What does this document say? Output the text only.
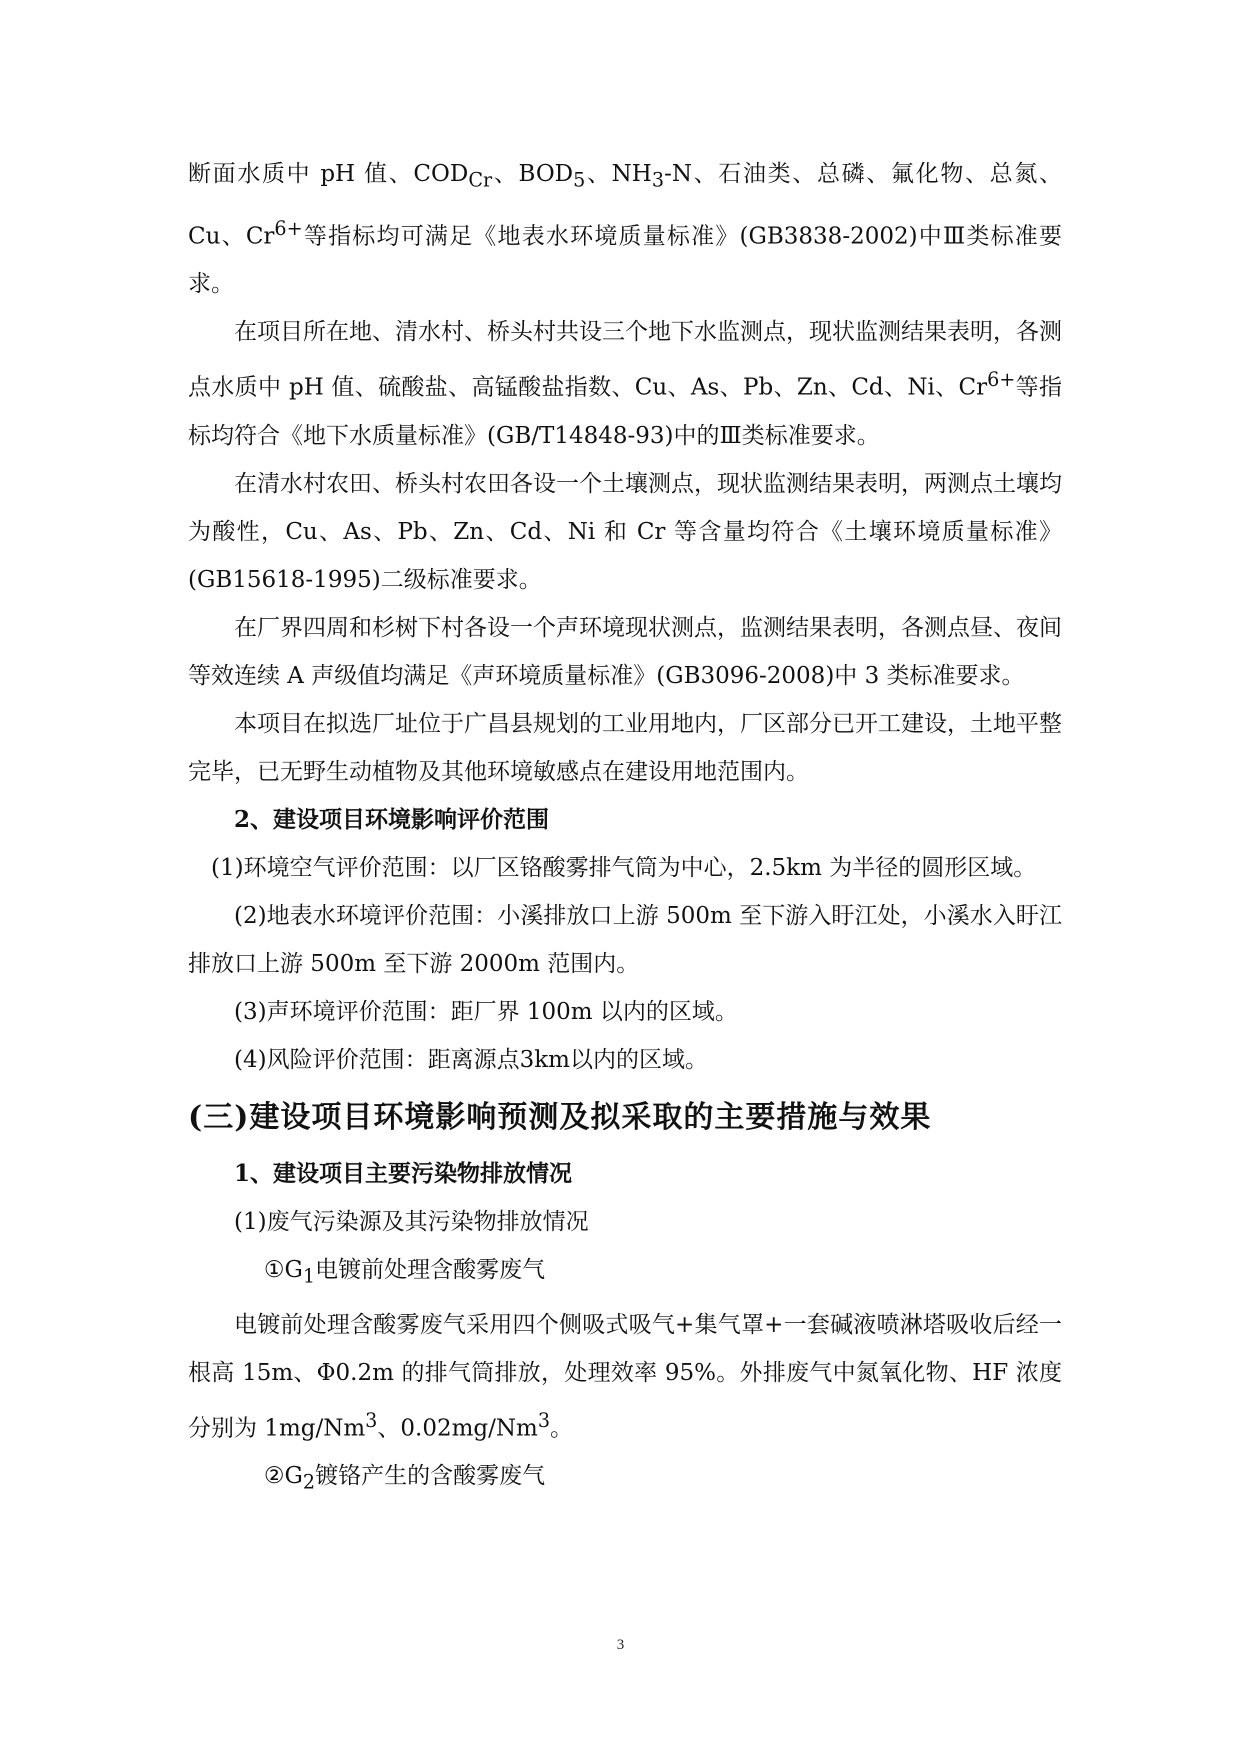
断面水质中 pH 值、$COD_{Cr}$、$BOD_5$、$NH_3-N$、石油类、总磷、氟化物、总氮、Cu、$Cr^{6+}$等指标均可满足《地表水环境质量标准》(GB3838-2002)中Ⅲ类标准要求。

在项目所在地、清水村、桥头村共设三个地下水监测点，现状监测结果表明，各测点水质中 pH 值、硫酸盐、高锰酸盐指数、Cu、As、Pb、Zn、Cd、Ni、$Cr^{6+}$等指标均符合《地下水质量标准》(GB/T14848-93)中的Ⅲ类标准要求。

在清水村农田、桥头村农田各设一个土壤测点，现状监测结果表明，两测点土壤均为酸性，Cu、As、Pb、Zn、Cd、Ni 和 Cr 等含量均符合《土壤环境质量标准》(GB15618-1995)二级标准要求。

在厂界四周和杉树下村各设一个声环境现状测点，监测结果表明，各测点昼、夜间等效连续 A 声级值均满足《声环境质量标准》(GB3096-2008)中 3 类标准要求。

本项目在拟选厂址位于广昌县规划的工业用地内，厂区部分已开工建设，土地平整完毕，已无野生动植物及其他环境敏感点在建设用地范围内。

2、建设项目环境影响评价范围

(1)环境空气评价范围：以厂区铬酸雾排气筒为中心，2.5km 为半径的圆形区域。

(2)地表水环境评价范围：小溪排放口上游 500m 至下游入盱江处，小溪水入盱江排放口上游 500m 至下游 2000m 范围内。

(3)声环境评价范围：距厂界 100m 以内的区域。

(4)风险评价范围：距离源点3km以内的区域。

(三)建设项目环境影响预测及拟采取的主要措施与效果

1、建设项目主要污染物排放情况

(1)废气污染源及其污染物排放情况

$①G_1$电镀前处理含酸雾废气

电镀前处理含酸雾废气采用四个侧吸式吸气+集气罩+一套碱液喷淋塔吸收后经一根高 15m、Φ0.2m 的排气筒排放，处理效率 95%。外排废气中氮氧化物、HF 浓度分别为 1mg/Nm$^3$、0.02mg/Nm$^3$。

$②G_2$镀铬产生的含酸雾废气

3
